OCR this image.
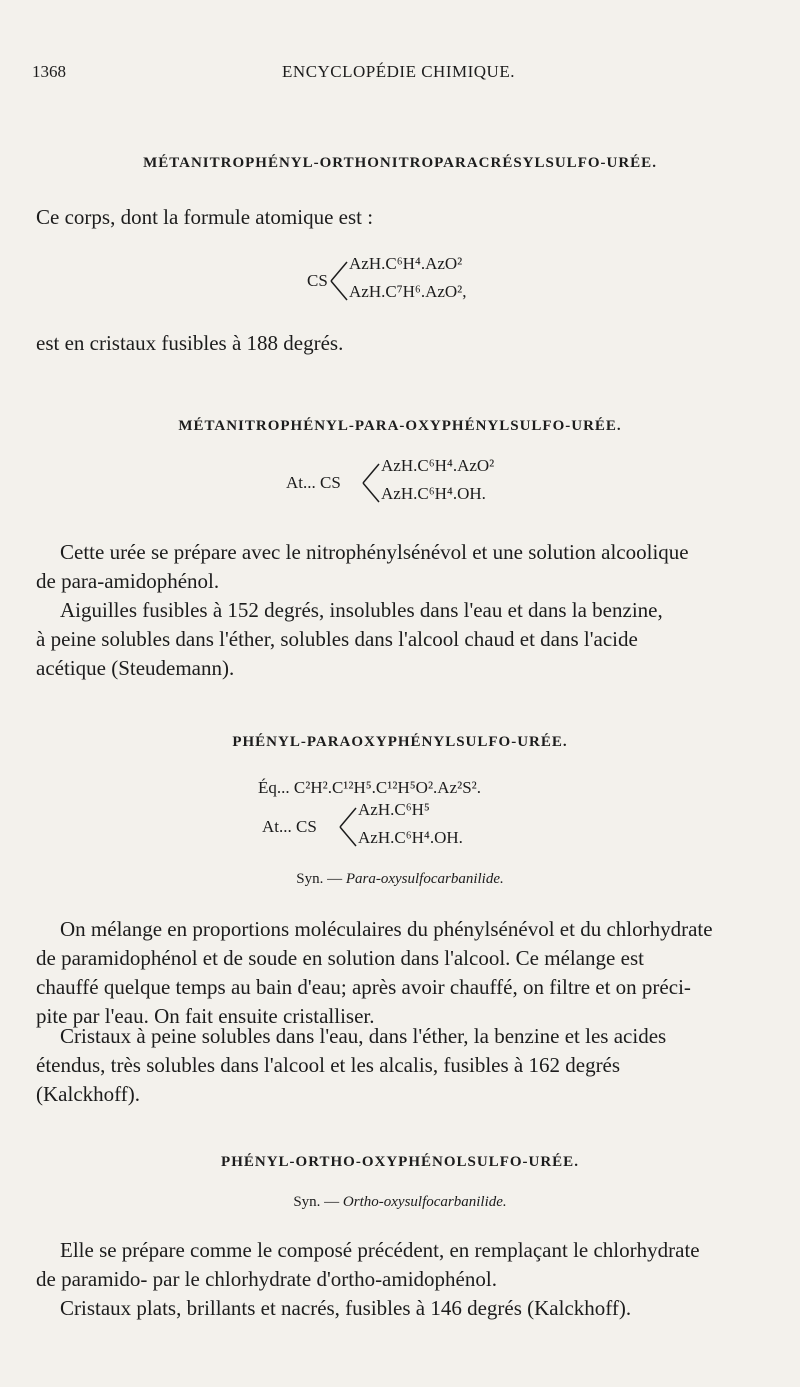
1368	ENCYCLOPÉDIE CHIMIQUE.
MÉTANITROPHÉNYL-ORTHONITROPARACRÉSYLSULFO-URÉE.
Ce corps, dont la formule atomique est :
CS
AzH.C⁶H⁴.AzO²
AzH.C⁷H⁶.AzO²,
est en cristaux fusibles à 188 degrés.
MÉTANITROPHÉNYL-PARA-OXYPHÉNYLSULFO-URÉE.
At... CS
AzH.C⁶H⁴.AzO²
AzH.C⁶H⁴.OH.
Cette urée se prépare avec le nitrophénylsénévol et une solution alcoolique
de para-amidophénol.
Aiguilles fusibles à 152 degrés, insolubles dans l'eau et dans la benzine,
à peine solubles dans l'éther, solubles dans l'alcool chaud et dans l'acide
acétique (Steudemann).
PHÉNYL-PARAOXYPHÉNYLSULFO-URÉE.
Éq... C²H².C¹²H⁵.C¹²H⁵O².Az²S².
At... CS
AzH.C⁶H⁵
AzH.C⁶H⁴.OH.
Syn. — Para-oxysulfocarbanilide.
On mélange en proportions moléculaires du phénylsénévol et du chlorhydrate
de paramidophénol et de soude en solution dans l'alcool. Ce mélange est
chauffé quelque temps au bain d'eau; après avoir chauffé, on filtre et on préci-
pite par l'eau. On fait ensuite cristalliser.
Cristaux à peine solubles dans l'eau, dans l'éther, la benzine et les acides
étendus, très solubles dans l'alcool et les alcalis, fusibles à 162 degrés
(Kalckhoff).
PHÉNYL-ORTHO-OXYPHÉNOLSULFO-URÉE.
Syn. — Ortho-oxysulfocarbanilide.
Elle se prépare comme le composé précédent, en remplaçant le chlorhydrate
de paramido- par le chlorhydrate d'ortho-amidophénol.
Cristaux plats, brillants et nacrés, fusibles à 146 degrés (Kalckhoff).
